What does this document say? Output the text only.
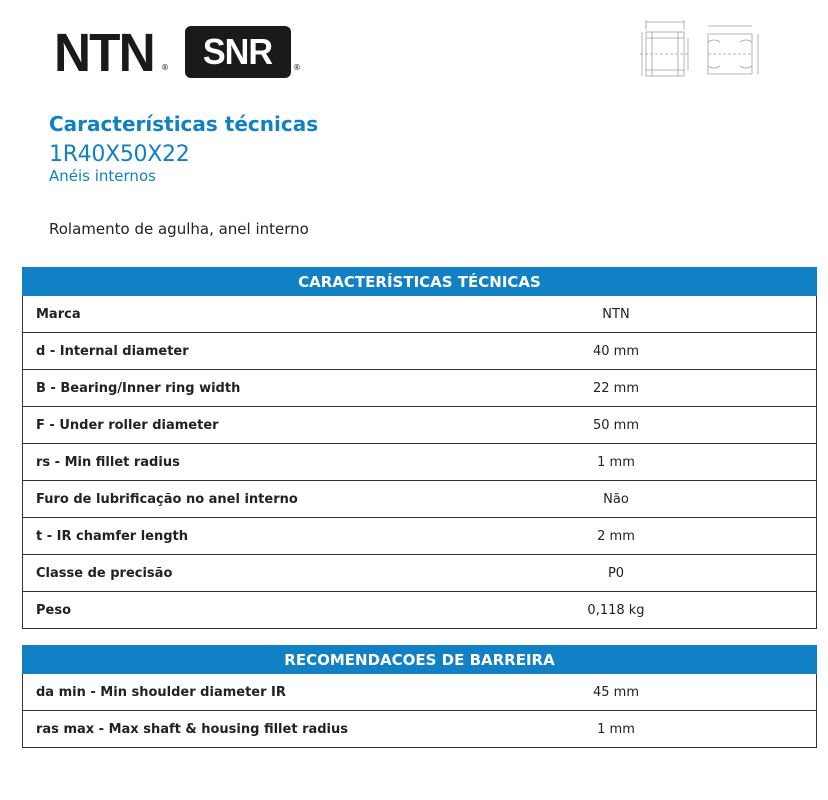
NTN ® SNR	®
Características técnicas
1R40X50X22
Anéis internos
Rolamento de agulha, anel interno
CARACTERÍSTICAS TÉCNICAS	
Marca	NTN
d - Internal diameter	40 mm
B - Bearing/Inner ring width	22 mm
F - Under roller diameter	50 mm
rs - Min fillet radius	1 mm
Furo de lubrificação no anel interno	Não
t - IR chamfer length	2 mm
Classe de precisão	P0
Peso	0,118 kg
RECOMENDACOES DE BARREIRA	
da min - Min shoulder diameter IR	45 mm
ras max - Max shaft & housing fillet radius	1 mm
